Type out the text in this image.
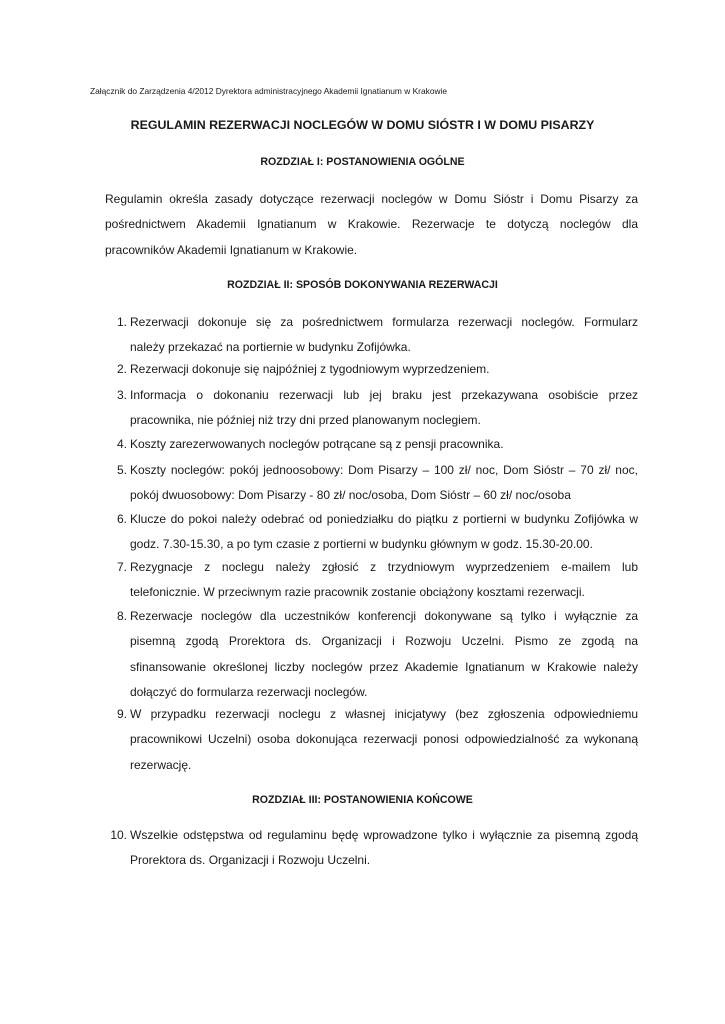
Załącznik do Zarządzenia 4/2012 Dyrektora administracyjnego Akademii Ignatianum w Krakowie
REGULAMIN REZERWACJI NOCLEGÓW W DOMU SIÓSTR I W DOMU PISARZY
ROZDZIAŁ I: POSTANOWIENIA OGÓLNE
Regulamin określa zasady dotyczące rezerwacji noclegów w Domu Sióstr i Domu Pisarzy za
pośrednictwem Akademii Ignatianum w Krakowie. Rezerwacje te dotyczą noclegów dla
pracowników Akademii Ignatianum w Krakowie.
ROZDZIAŁ II: SPOSÓB DOKONYWANIA REZERWACJI
1. Rezerwacji dokonuje się za pośrednictwem formularza rezerwacji noclegów. Formularz
należy przekazać na portiernie w budynku Zofijówka.
2. Rezerwacji dokonuje się najpóźniej z tygodniowym wyprzedzeniem.
3. Informacja o dokonaniu rezerwacji lub jej braku jest przekazywana osobiście przez
pracownika, nie później niż trzy dni przed planowanym noclegiem.
4. Koszty zarezerwowanych noclegów potrącane są z pensji pracownika.
5. Koszty noclegów: pokój jednoosobowy: Dom Pisarzy – 100 zł/ noc, Dom Sióstr – 70 zł/ noc,
pokój dwuosobowy: Dom Pisarzy - 80 zł/ noc/osoba, Dom Sióstr – 60 zł/ noc/osoba
6. Klucze do pokoi należy odebrać od poniedziałku do piątku z portierni w budynku Zofijówka w
godz. 7.30-15.30, a po tym czasie z portierni w budynku głównym w godz. 15.30-20.00.
7. Rezygnacje z noclegu należy zgłosić z trzydniowym wyprzedzeniem e-mailem lub
telefonicznie. W przeciwnym razie pracownik zostanie obciążony kosztami rezerwacji.
8. Rezerwacje noclegów dla uczestników konferencji dokonywane są tylko i wyłącznie za
pisemną zgodą Prorektora ds. Organizacji i Rozwoju Uczelni. Pismo ze zgodą na
sfinansowanie określonej liczby noclegów przez Akademie Ignatianum w Krakowie należy
dołączyć do formularza rezerwacji noclegów.
9. W przypadku rezerwacji noclegu z własnej inicjatywy (bez zgłoszenia odpowiedniemu
pracownikowi Uczelni) osoba dokonująca rezerwacji ponosi odpowiedzialność za wykonaną
rezerwację.
ROZDZIAŁ III: POSTANOWIENIA KOŃCOWE
10. Wszelkie odstępstwa od regulaminu będę wprowadzone tylko i wyłącznie za pisemną zgodą
Prorektora ds. Organizacji i Rozwoju Uczelni.
